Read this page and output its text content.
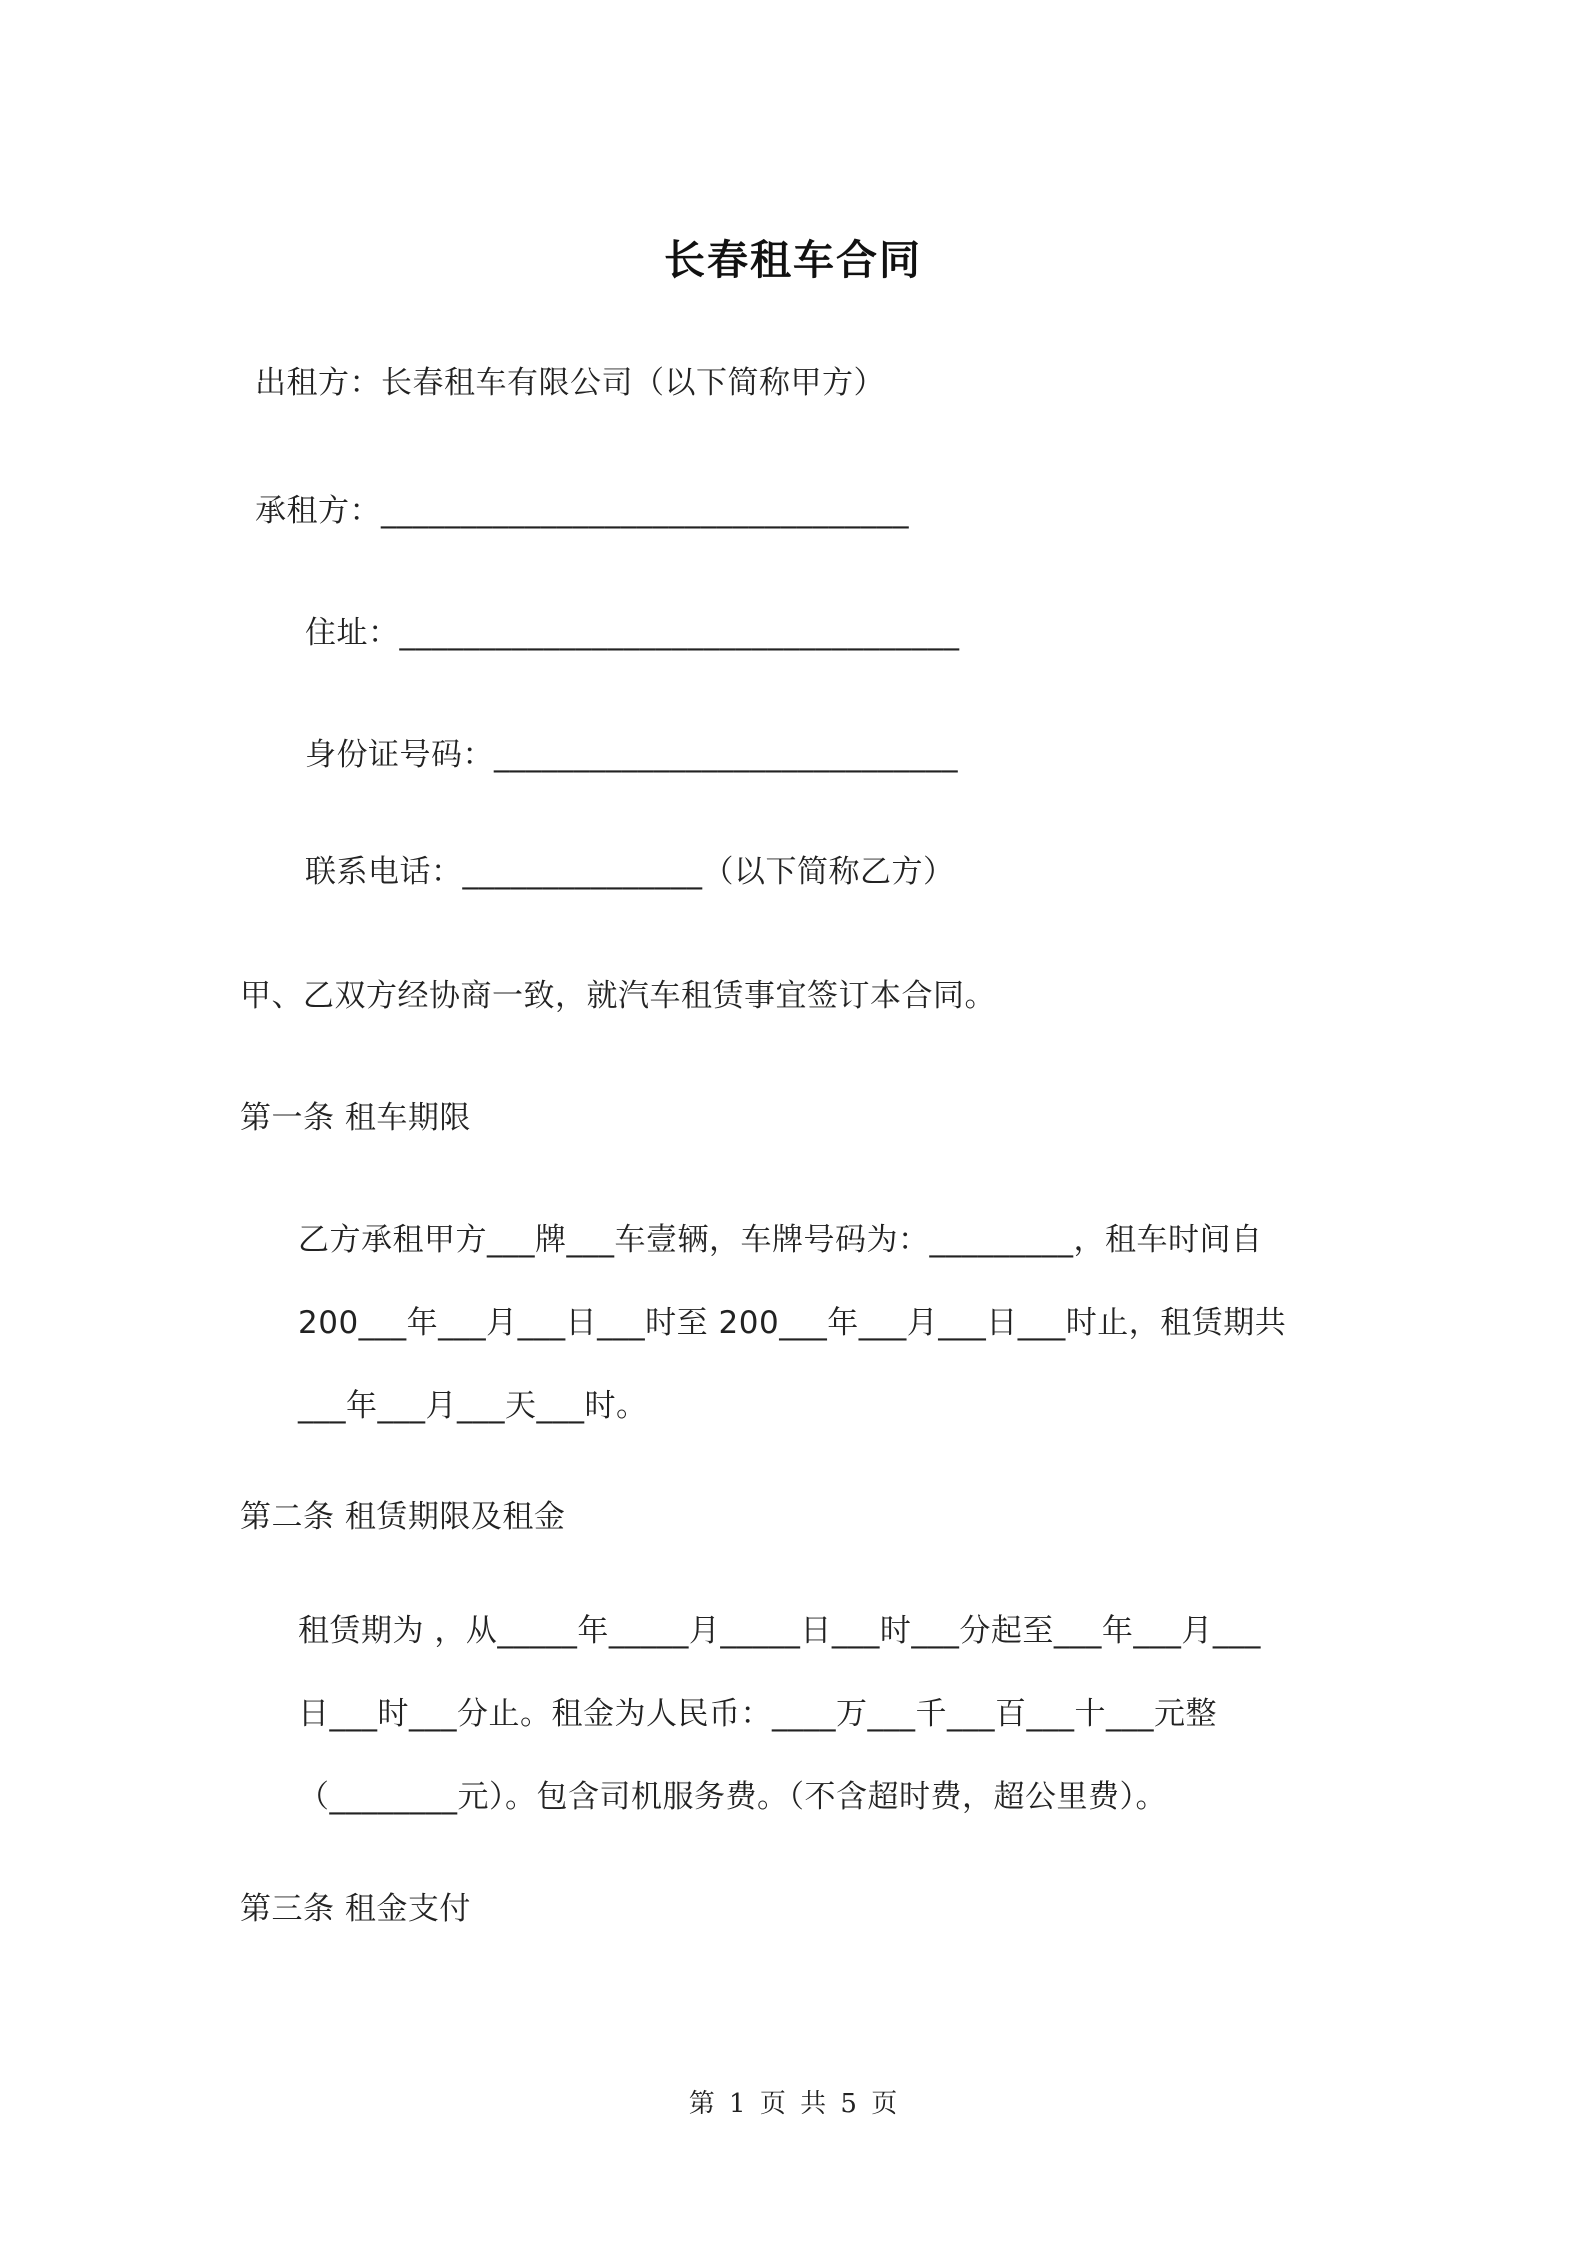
长春租车合同
出租方：长春租车有限公司（以下简称甲方）
承租方：_________________________________
住址：___________________________________
身份证号码：_____________________________
联系电话：_______________（以下简称乙方）
甲、乙双方经协商一致，就汽车租赁事宜签订本合同。
第一条 租车期限
乙方承租甲方___牌___车壹辆，车牌号码为：_________，租车时间自
200___年___月___日___时至 200___年___月___日___时止，租赁期共
___年___月___天___时。
第二条 租赁期限及租金
租赁期为 ，从_____年_____月_____日___时___分起至___年___月___
日___时___分止。租金为人民币：____万___千___百___十___元整
（________元）。包含司机服务费。（不含超时费，超公里费）。
第三条 租金支付
第 1 页 共 5 页
